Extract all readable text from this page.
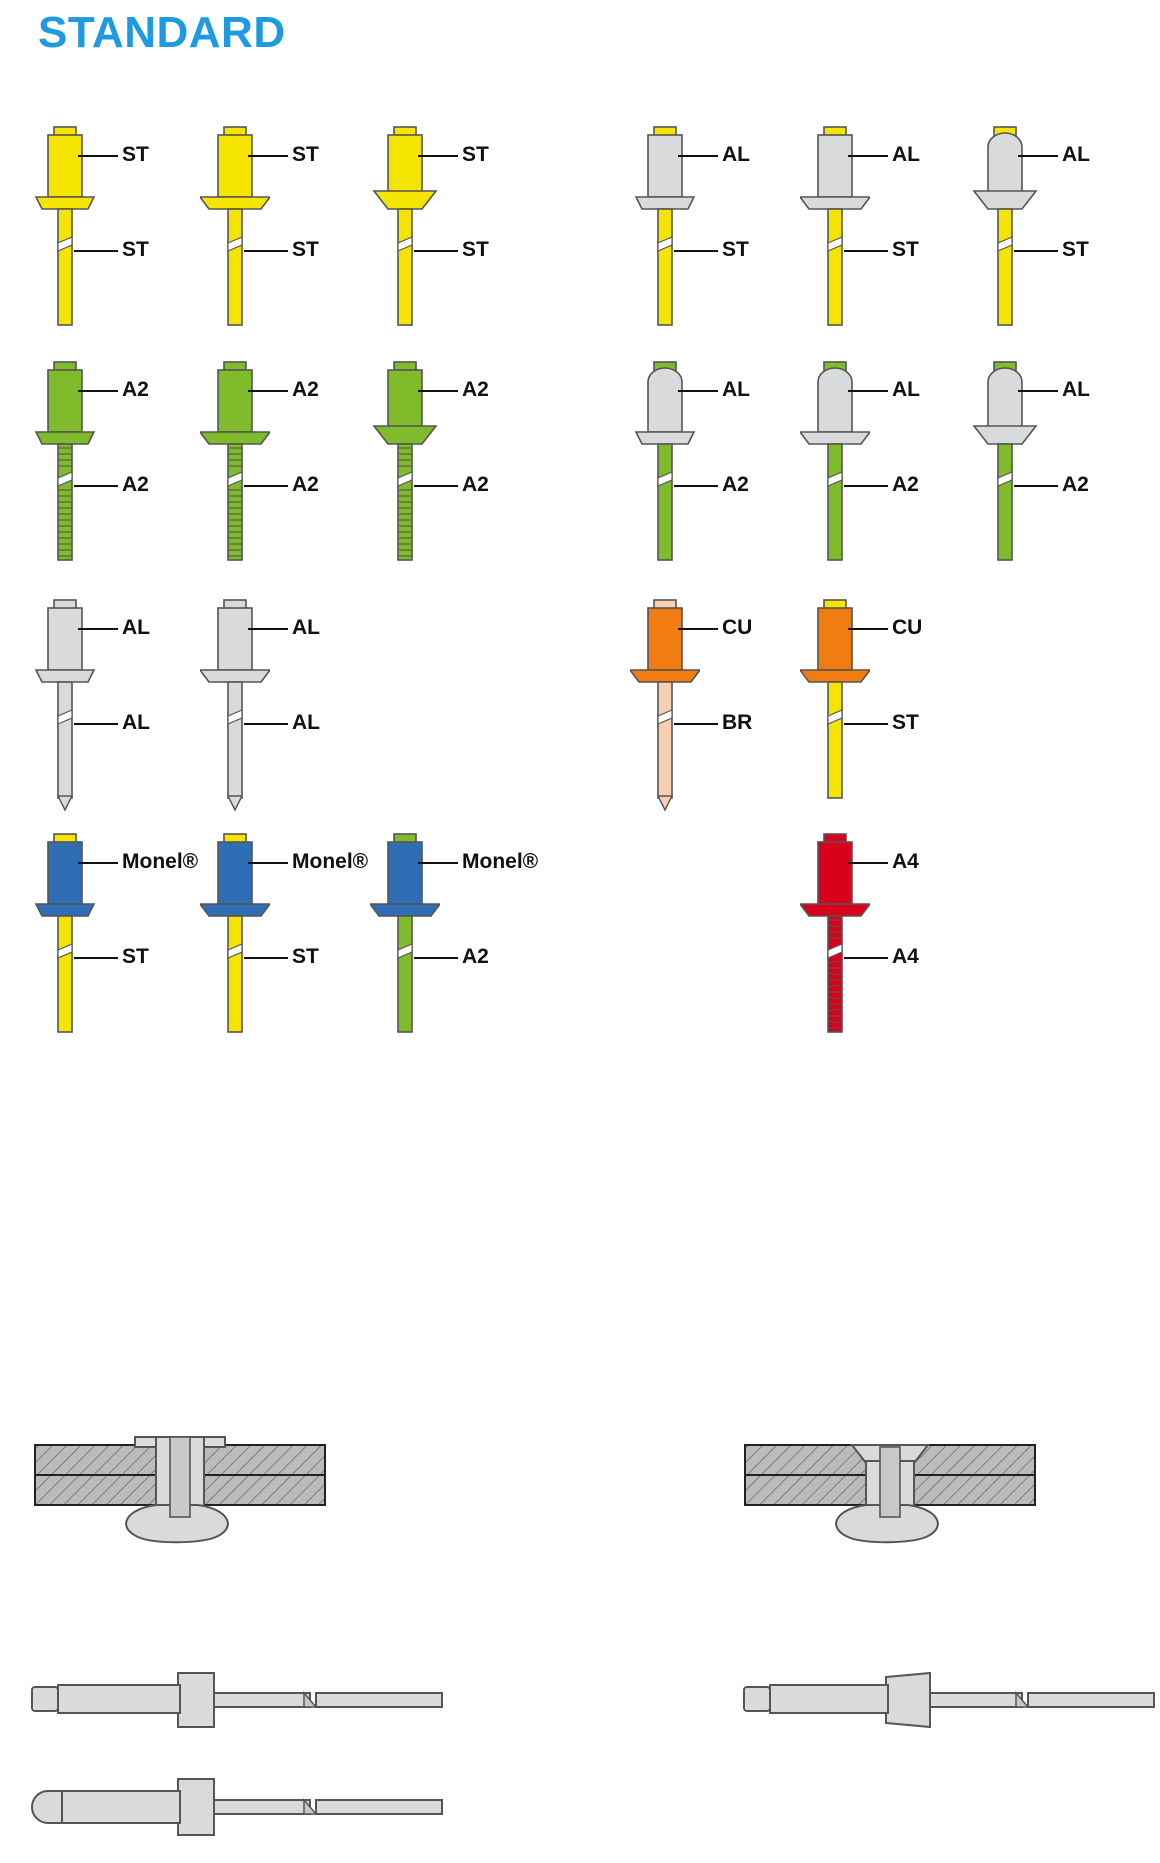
STANDARD
ST
ST
ST
ST
ST
ST
AL
ST
AL
ST
AL
ST
A2
A2
A2
A2
A2
A2
AL
A2
AL
A2
AL
A2
AL
AL
AL
AL
CU
BR
CU
ST
Monel®
ST
Monel®
ST
Monel®
A2
A4
A4
